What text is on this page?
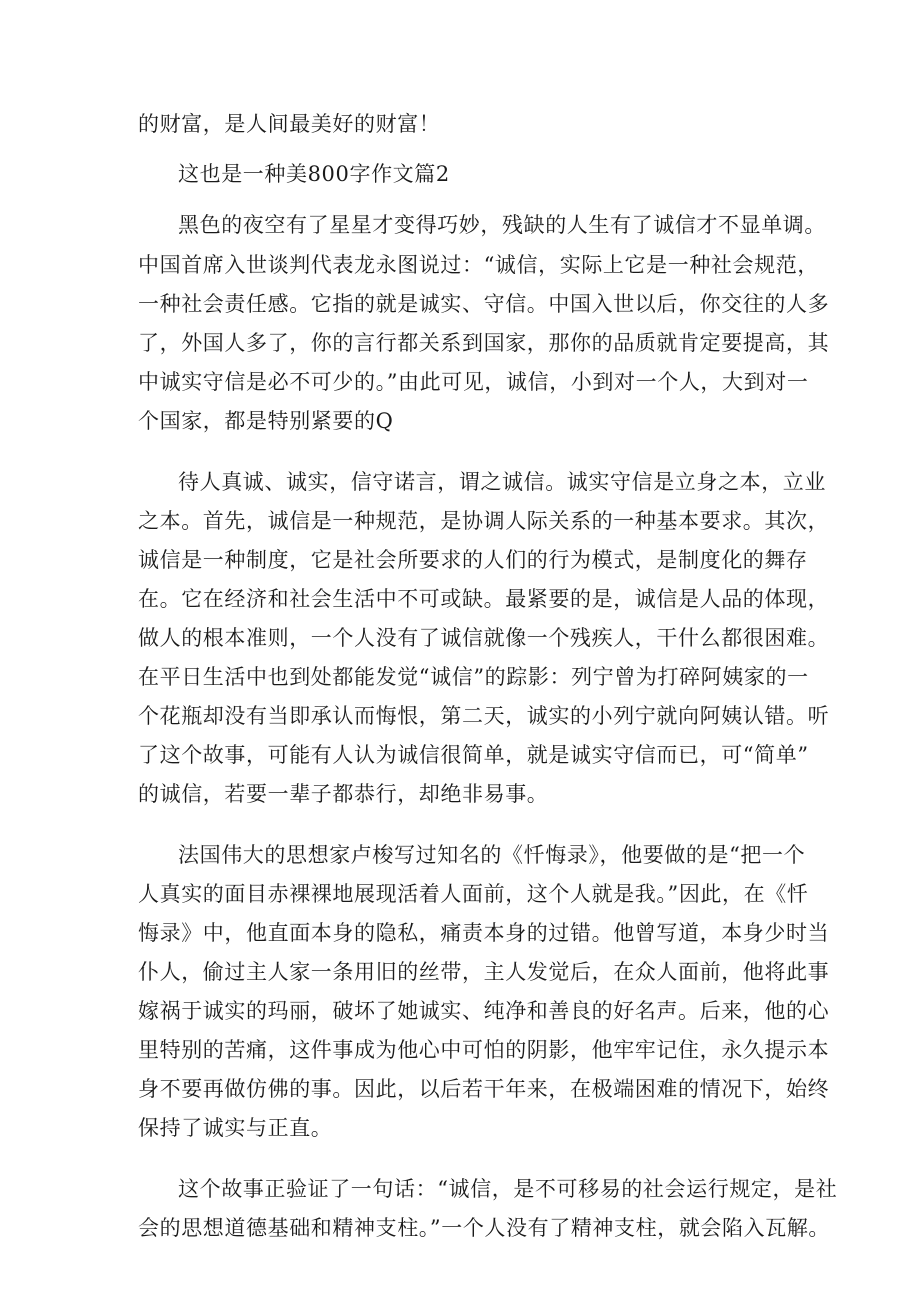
的财富，是人间最美好的财富！
这也是一种美800字作文篇2
黑色的夜空有了星星才变得巧妙，残缺的人生有了诚信才不显单调。
中国首席入世谈判代表龙永图说过：“诚信，实际上它是一种社会规范，
一种社会责任感。它指的就是诚实、守信。中国入世以后，你交往的人多
了，外国人多了，你的言行都关系到国家，那你的品质就肯定要提高，其
中诚实守信是必不可少的。”由此可见，诚信，小到对一个人，大到对一
个国家，都是特别紧要的Q
待人真诚、诚实，信守诺言，谓之诚信。诚实守信是立身之本，立业
之本。首先，诚信是一种规范，是协调人际关系的一种基本要求。其次，
诚信是一种制度，它是社会所要求的人们的行为模式，是制度化的舞存
在。它在经济和社会生活中不可或缺。最紧要的是，诚信是人品的体现，
做人的根本准则，一个人没有了诚信就像一个残疾人，干什么都很困难。
在平日生活中也到处都能发觉“诚信”的踪影：列宁曾为打碎阿姨家的一
个花瓶却没有当即承认而悔恨，第二天，诚实的小列宁就向阿姨认错。听
了这个故事，可能有人认为诚信很简单，就是诚实守信而已，可“简单”
的诚信，若要一辈子都恭行，却绝非易事。
法国伟大的思想家卢梭写过知名的《忏悔录》，他要做的是“把一个
人真实的面目赤裸裸地展现活着人面前，这个人就是我。”因此，在《忏
悔录》中，他直面本身的隐私，痛责本身的过错。他曾写道，本身少时当
仆人，偷过主人家一条用旧的丝带，主人发觉后，在众人面前，他将此事
嫁祸于诚实的玛丽，破坏了她诚实、纯净和善良的好名声。后来，他的心
里特别的苦痛，这件事成为他心中可怕的阴影，他牢牢记住，永久提示本
身不要再做仿佛的事。因此，以后若干年来，在极端困难的情况下，始终
保持了诚实与正直。
这个故事正验证了一句话：“诚信，是不可移易的社会运行规定，是社
会的思想道德基础和精神支柱。”一个人没有了精神支柱，就会陷入瓦解。
